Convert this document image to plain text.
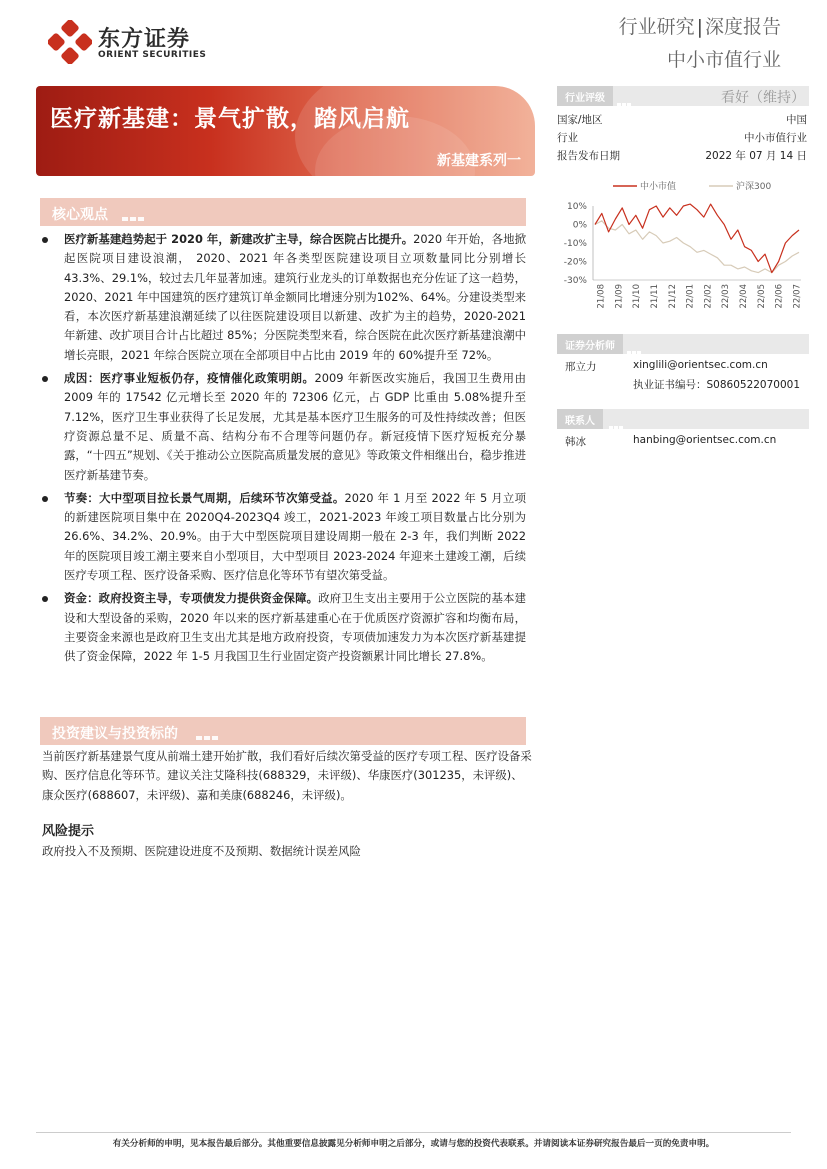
东方证券
ORIENT SECURITIES
行业研究 | 深度报告
中小市值行业
医疗新基建：景气扩散，踏风启航
新基建系列一
核心观点
医疗新基建趋势起于 2020 年，新建改扩主导，综合医院占比提升。2020 年开始，各地掀起医院项目建设浪潮， 2020、2021 年各类型医院建设项目立项数量同比分别增长 43.3%、29.1%，较过去几年显著加速。建筑行业龙头的订单数据也充分佐证了这一趋势，2020、2021 年中国建筑的医疗建筑订单金额同比增速分别为102%、64%。分建设类型来看，本次医疗新基建浪潮延续了以往医院建设项目以新建、改扩为主的趋势，2020-2021 年新建、改扩项目合计占比超过 85%；分医院类型来看，综合医院在此次医疗新基建浪潮中增长亮眼，2021 年综合医院立项在全部项目中占比由 2019 年的 60%提升至 72%。
成因：医疗事业短板仍存，疫情催化政策明朗。2009 年新医改实施后，我国卫生费用由 2009 年的 17542 亿元增长至 2020 年的 72306 亿元，占 GDP 比重由 5.08%提升至 7.12%，医疗卫生事业获得了长足发展，尤其是基本医疗卫生服务的可及性持续改善；但医疗资源总量不足、质量不高、结构分布不合理等问题仍存。新冠疫情下医疗短板充分暴露，“十四五”规划、《关于推动公立医院高质量发展的意见》等政策文件相继出台，稳步推进医疗新基建节奏。
节奏：大中型项目拉长景气周期，后续环节次第受益。2020 年 1 月至 2022 年 5 月立项的新建医院项目集中在 2020Q4-2023Q4 竣工，2021-2023 年竣工项目数量占比分别为 26.6%、34.2%、20.9%。由于大中型医院项目建设周期一般在 2-3 年，我们判断 2022 年的医院项目竣工潮主要来自小型项目，大中型项目 2023-2024 年迎来土建竣工潮，后续医疗专项工程、医疗设备采购、医疗信息化等环节有望次第受益。
资金：政府投资主导，专项债发力提供资金保障。政府卫生支出主要用于公立医院的基本建设和大型设备的采购，2020 年以来的医疗新基建重心在于优质医疗资源扩容和均衡布局，主要资金来源也是政府卫生支出尤其是地方政府投资，专项债加速发力为本次医疗新基建提供了资金保障，2022 年 1-5 月我国卫生行业固定资产投资额累计同比增长 27.8%。
投资建议与投资标的
当前医疗新基建景气度从前端土建开始扩散，我们看好后续次第受益的医疗专项工程、医疗设备采购、医疗信息化等环节。建议关注艾隆科技(688329，未评级)、华康医疗(301235，未评级)、康众医疗(688607，未评级)、嘉和美康(688246，未评级)。
风险提示
政府投入不及预期、医院建设进度不及预期、数据统计误差风险
行业评级	看好（维持）
国家/地区	中国
行业	中小市值行业
报告发布日期	2022 年 07 月 14 日
中小市值	沪深300
10%
0%
-10%
-20%
-30%
21/08 21/09 21/10 21/11 21/12 22/01 22/02 22/03 22/04 22/05 22/06 22/07
证券分析师
邢立力	xinglili@orientsec.com.cn
执业证书编号：S0860522070001
联系人
韩冰	hanbing@orientsec.com.cn
有关分析师的申明，见本报告最后部分。其他重要信息披露见分析师申明之后部分，或请与您的投资代表联系。并请阅读本证券研究报告最后一页的免责申明。
